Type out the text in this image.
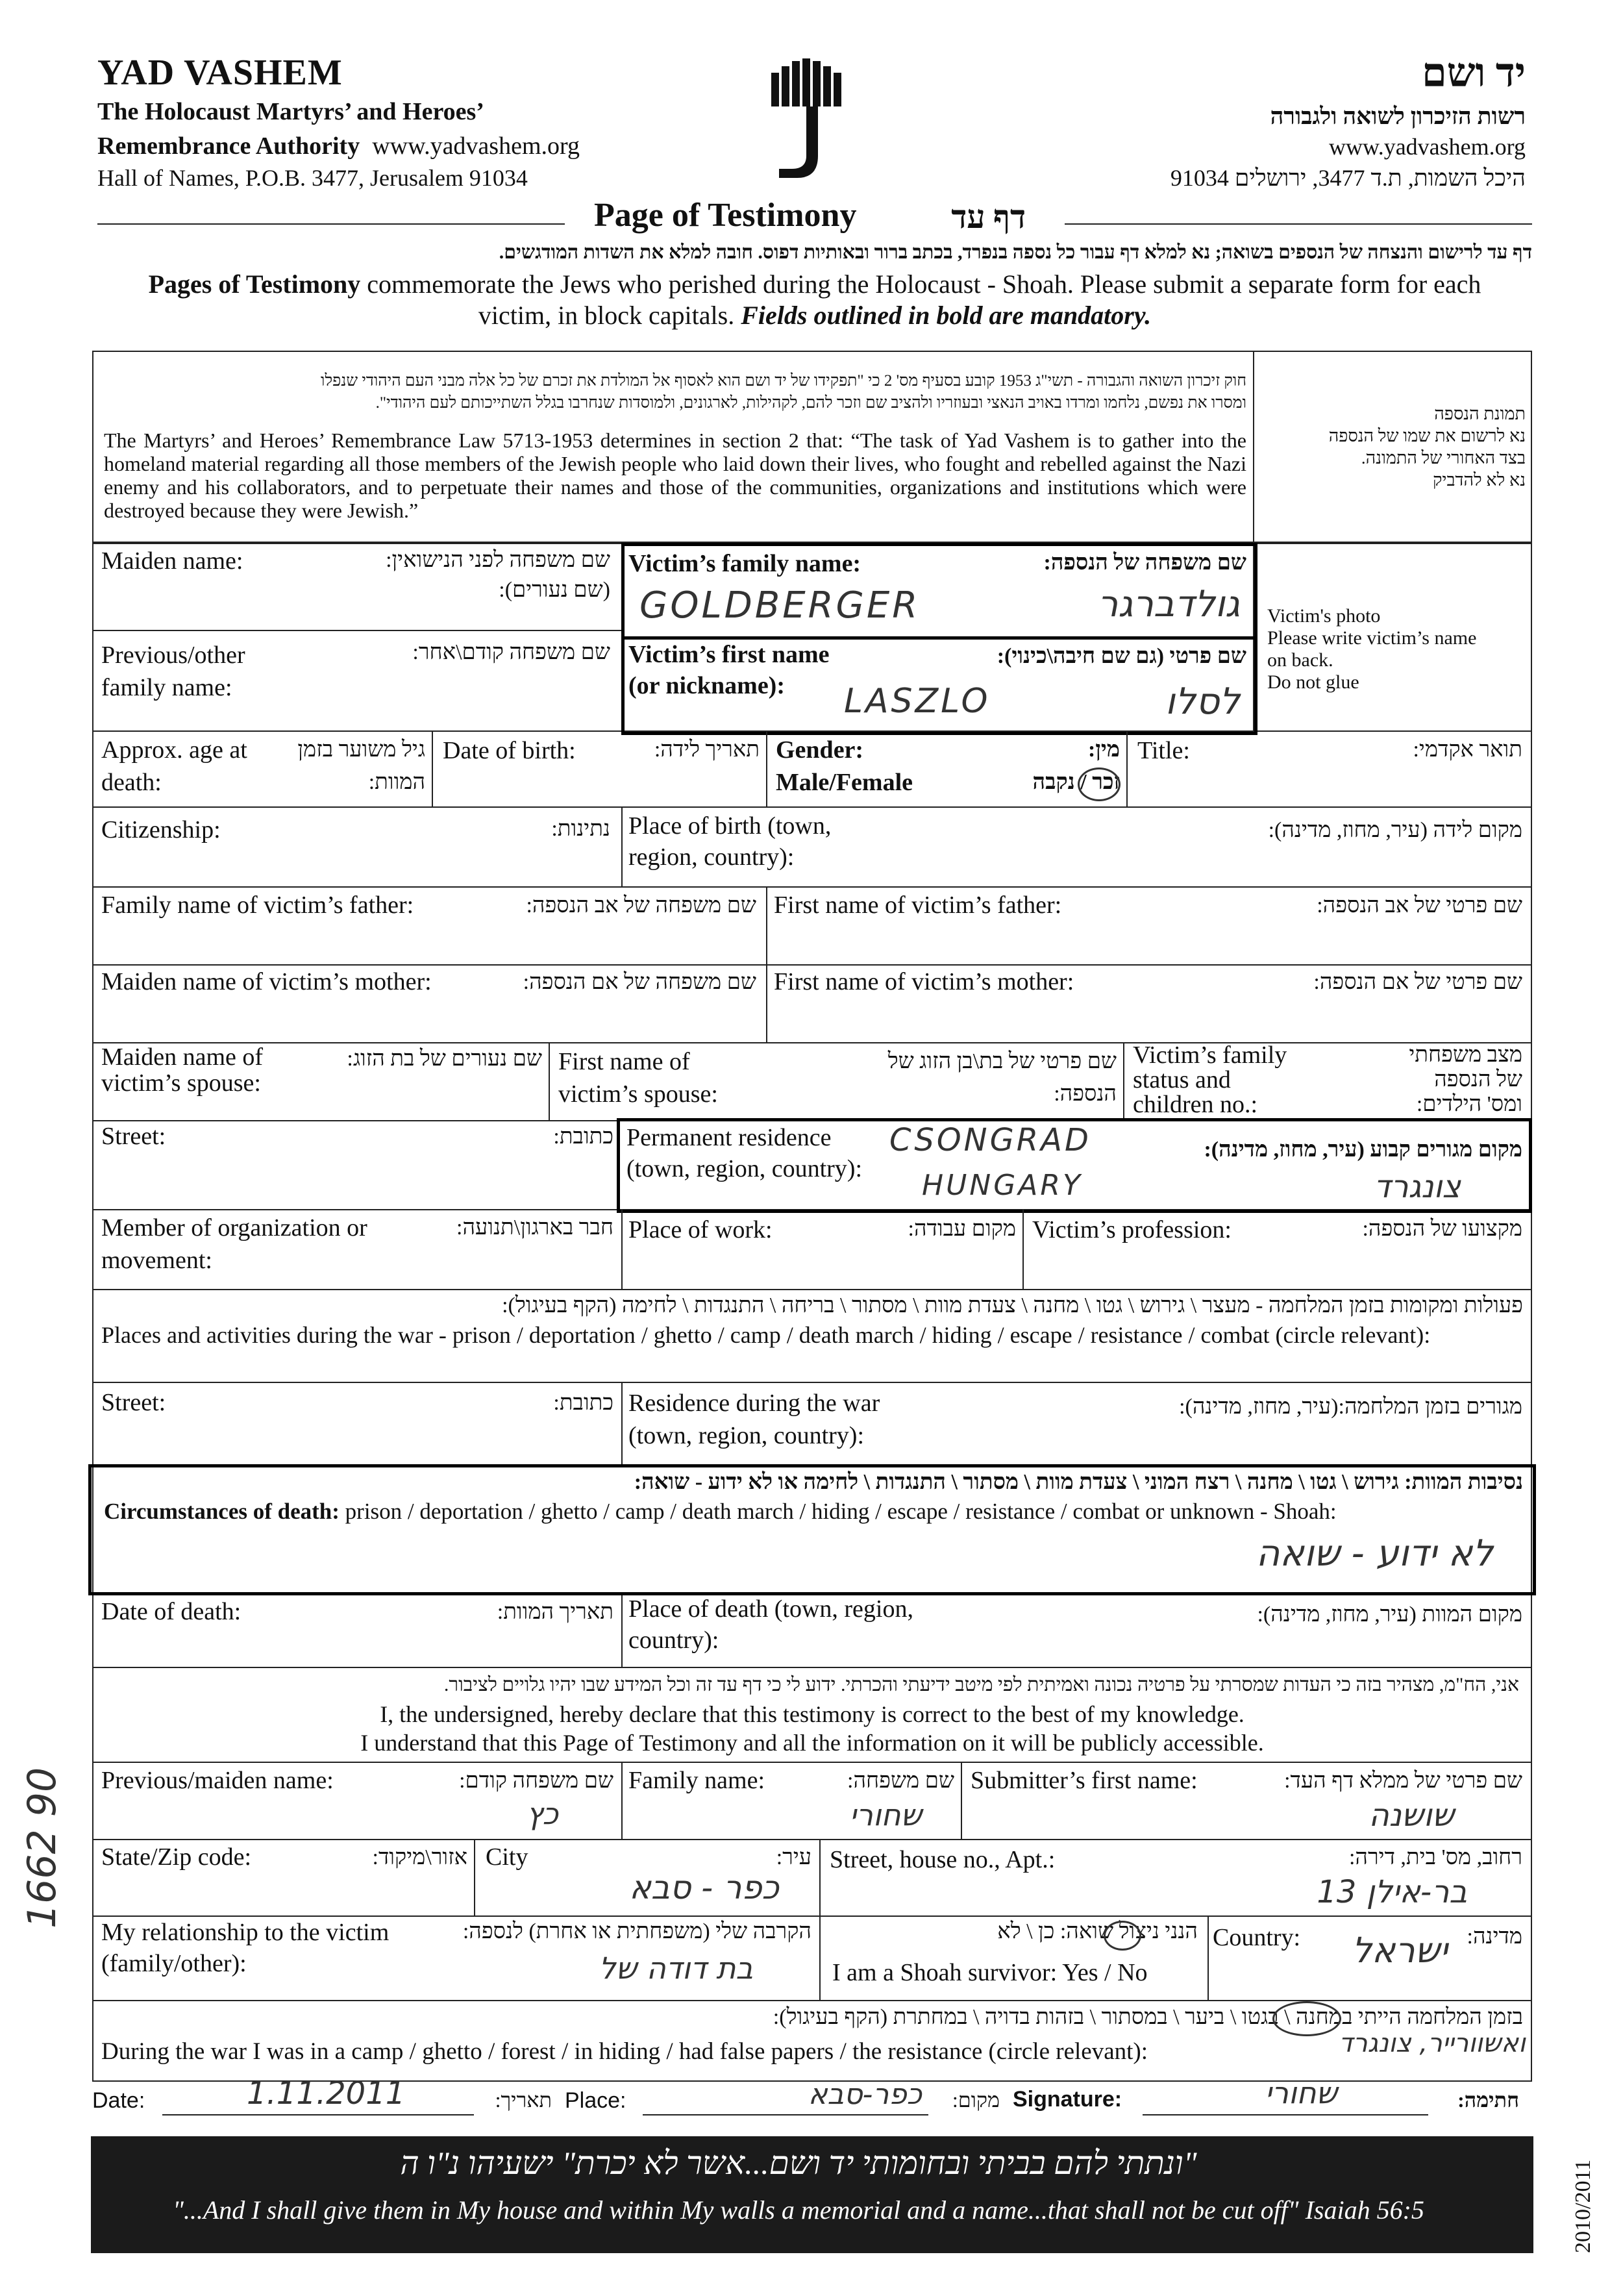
YAD VASHEM
The Holocaust Martyrs’ and Heroes’
Remembrance Authority www.yadvashem.org
Hall of Names, P.O.B. 3477, Jerusalem 91034
יד ושם
רשות הזיכרון לשואה ולגבורה
www.yadvashem.org
היכל השמות, ת.ד 3477, ירושלים 91034
Page of Testimony	דף עד
דף עד לרישום והנצחה של הנספים בשואה; נא למלא דף עבור כל נספה בנפרד, בכתב ברור ובאותיות דפוס. חובה למלא את השדות המודגשים.
Pages of Testimony commemorate the Jews who perished during the Holocaust - Shoah. Please submit a separate form for each
victim, in block capitals. Fields outlined in bold are mandatory.
חוק זיכרון השואה והגבורה - תשי"ג 1953 קובע בסעיף מס' 2 כי "תפקידו של יד ושם הוא לאסוף אל המולדת את זכרם של כל אלה מבני העם היהודי שנפלו
ומסרו את נפשם, נלחמו ומרדו באויב הנאצי ובעוזריו ולהציב שם וזכר להם, לקהילות, לארגונים, ולמוסדות שנחרבו בגלל השתייכותם לעם היהודי".
The Martyrs’ and Heroes’ Remembrance Law 5713-1953 determines in section 2 that: “The task of Yad Vashem is to gather into the homeland material regarding all those members of the Jewish people who laid down their lives, who fought and rebelled against the Nazi enemy and his collaborators, and to perpetuate their names and those of the communities, organizations and institutions which were destroyed because they were Jewish.”
תמונת הנספה
נא לרשום את שמו של הנספה
בצד האחורי של התמונה.
נא לא להדביק
Maiden name:	שם משפחה לפני הנישואין:
(שם נעורים):
Previous/other
family name:
שם משפחה קודם\אחר:
Victim’s family name:	שם משפחה של הנספה:
GOLDBERGER	גולדברגר
Victim’s first name
(or nickname):
שם פרטי (גם שם חיבה\כינוי):
LASZLO	לסלו
Victim's photo
Please write victim’s name
on back.
Do not glue
Approx. age at
death:
גיל משוער בזמן
המוות:
Date of birth:	תאריך לידה: Gender:
Male/Female
מין:
זכר / נקבה
Title:	תואר אקדמי:
Citizenship:	נתינות: Place of birth (town,
region, country):
מקום לידה (עיר, מחוז, מדינה):
Family name of victim’s father:	שם משפחה של אב הנספה: First name of victim’s father:	שם פרטי של אב הנספה:
Maiden name of victim’s mother:	שם משפחה של אם הנספה: First name of victim’s mother:	שם פרטי של אם הנספה:
Maiden name of
victim’s spouse:
שם נעורים של בת הזוג: First name of
victim’s spouse:
שם פרטי של בת\בן הזוג של
הנספה:
Victim’s family
status and
children no.:
מצב משפחתי
של הנספה
ומס' הילדים:
Street:	כתובת: Permanent residence
(town, region, country):
מקום מגורים קבוע (עיר, מחוז, מדינה):
CSONGRAD
HUNGARY	צונגרד
Member of organization or
movement:
חבר בארגון\תנועה: Place of work:	מקום עבודה: Victim’s profession:	מקצועו של הנספה:
פעולות ומקומות בזמן המלחמה - מעצר \ גירוש \ גטו \ מחנה \ צעדת מוות \ מסתור \ בריחה \ התנגדות \ לחימה (הקף בעיגול):
Places and activities during the war - prison / deportation / ghetto / camp / death march / hiding / escape / resistance / combat (circle relevant):
Street:	כתובת: Residence during the war
(town, region, country):
מגורים בזמן המלחמה:(עיר, מחוז, מדינה):
נסיבות המוות: גירוש \ גטו \ מחנה \ רצח המוני \ צעדת מוות \ מסתור \ התנגדות \ לחימה או לא ידוע - שואה:
Circumstances of death: prison / deportation / ghetto / camp / death march / hiding / escape / resistance / combat or unknown - Shoah:
לא ידוע - שואה
Date of death:	תאריך המוות: Place of death (town, region,
country):
מקום המוות (עיר, מחוז, מדינה):
אני, הח"מ, מצהיר בזה כי העדות שמסרתי על פרטיה נכונה ואמיתית לפי מיטב ידיעתי והכרתי. ידוע לי כי דף עד זה וכל המידע שבו יהיו גלויים לציבור.
I, the undersigned, hereby declare that this testimony is correct to the best of my knowledge.
I understand that this Page of Testimony and all the information on it will be publicly accessible.
Previous/maiden name:	שם משפחה קודם:
כץ
Family name:	שם משפחה:
שחורי
Submitter’s first name:	שם פרטי של ממלא דף העד:
שושנה
State/Zip code:	אזור\מיקוד: City	עיר:
כפר - סבא
Street, house no., Apt.:	רחוב, מס' בית, דירה:
בר-אילן 13
My relationship to the victim
(family/other):
הקרבה שלי (משפחתית או אחרת) לנספה:
בת דודה של
הנני ניצול שואה: כן \ לא
I am a Shoah survivor: Yes / No
Country:	מדינה:
ישראל
בזמן המלחמה הייתי במחנה \ בגטו \ ביער \ במסתור \ בזהות בדויה \ במחתרת (הקף בעיגול):
During the war I was in a camp / ghetto / forest / in hiding / had false papers / the resistance (circle relevant):	ואשוורייר, צונגרד
Date:	1.11.2011	תאריך: Place:	כפר-סבא	מקום: Signature:	שחורי	חתימה:
1662 90
"ונתתי להם בביתי ובחומותי יד ושם...אשר לא יכרת" ישעיהו נ"ו ה
"...And I shall give them in My house and within My walls a memorial and a name...that shall not be cut off" Isaiah 56:5	2010/2011
